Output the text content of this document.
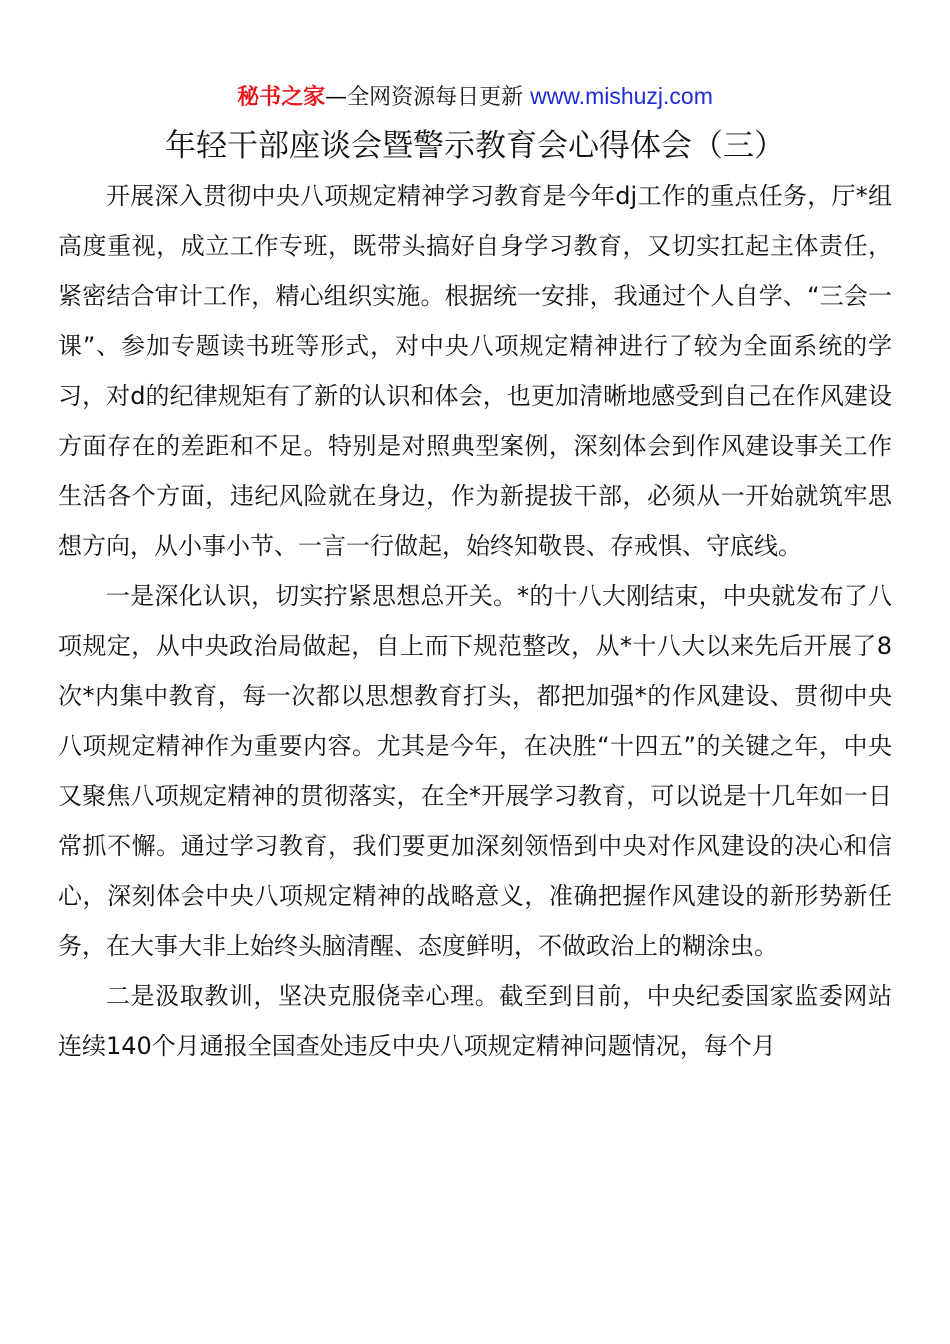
秘书之家—全网资源每日更新 www.mishuzj.com
年轻干部座谈会暨警示教育会心得体会（三）

开展深入贯彻中央八项规定精神学习教育是今年dj工作的重点任务，厅*组高度重视，成立工作专班，既带头搞好自身学习教育，又切实扛起主体责任，紧密结合审计工作，精心组织实施。根据统一安排，我通过个人自学、“三会一课”、参加专题读书班等形式，对中央八项规定精神进行了较为全面系统的学习，对d的纪律规矩有了新的认识和体会，也更加清晰地感受到自己在作风建设方面存在的差距和不足。特别是对照典型案例，深刻体会到作风建设事关工作生活各个方面，违纪风险就在身边，作为新提拔干部，必须从一开始就筑牢思想方向，从小事小节、一言一行做起，始终知敬畏、存戒惧、守底线。

一是深化认识，切实拧紧思想总开关。*的十八大刚结束，中央就发布了八项规定，从中央政治局做起，自上而下规范整改，从*十八大以来先后开展了8次*内集中教育，每一次都以思想教育打头，都把加强*的作风建设、贯彻中央八项规定精神作为重要内容。尤其是今年，在决胜“十四五”的关键之年，中央又聚焦八项规定精神的贯彻落实，在全*开展学习教育，可以说是十几年如一日常抓不懈。通过学习教育，我们要更加深刻领悟到中央对作风建设的决心和信心，深刻体会中央八项规定精神的战略意义，准确把握作风建设的新形势新任务，在大事大非上始终头脑清醒、态度鲜明，不做政治上的糊涂虫。

二是汲取教训，坚决克服侥幸心理。截至到目前，中央纪委国家监委网站连续140个月通报全国查处违反中央八项规定精神问题情况，每个月
